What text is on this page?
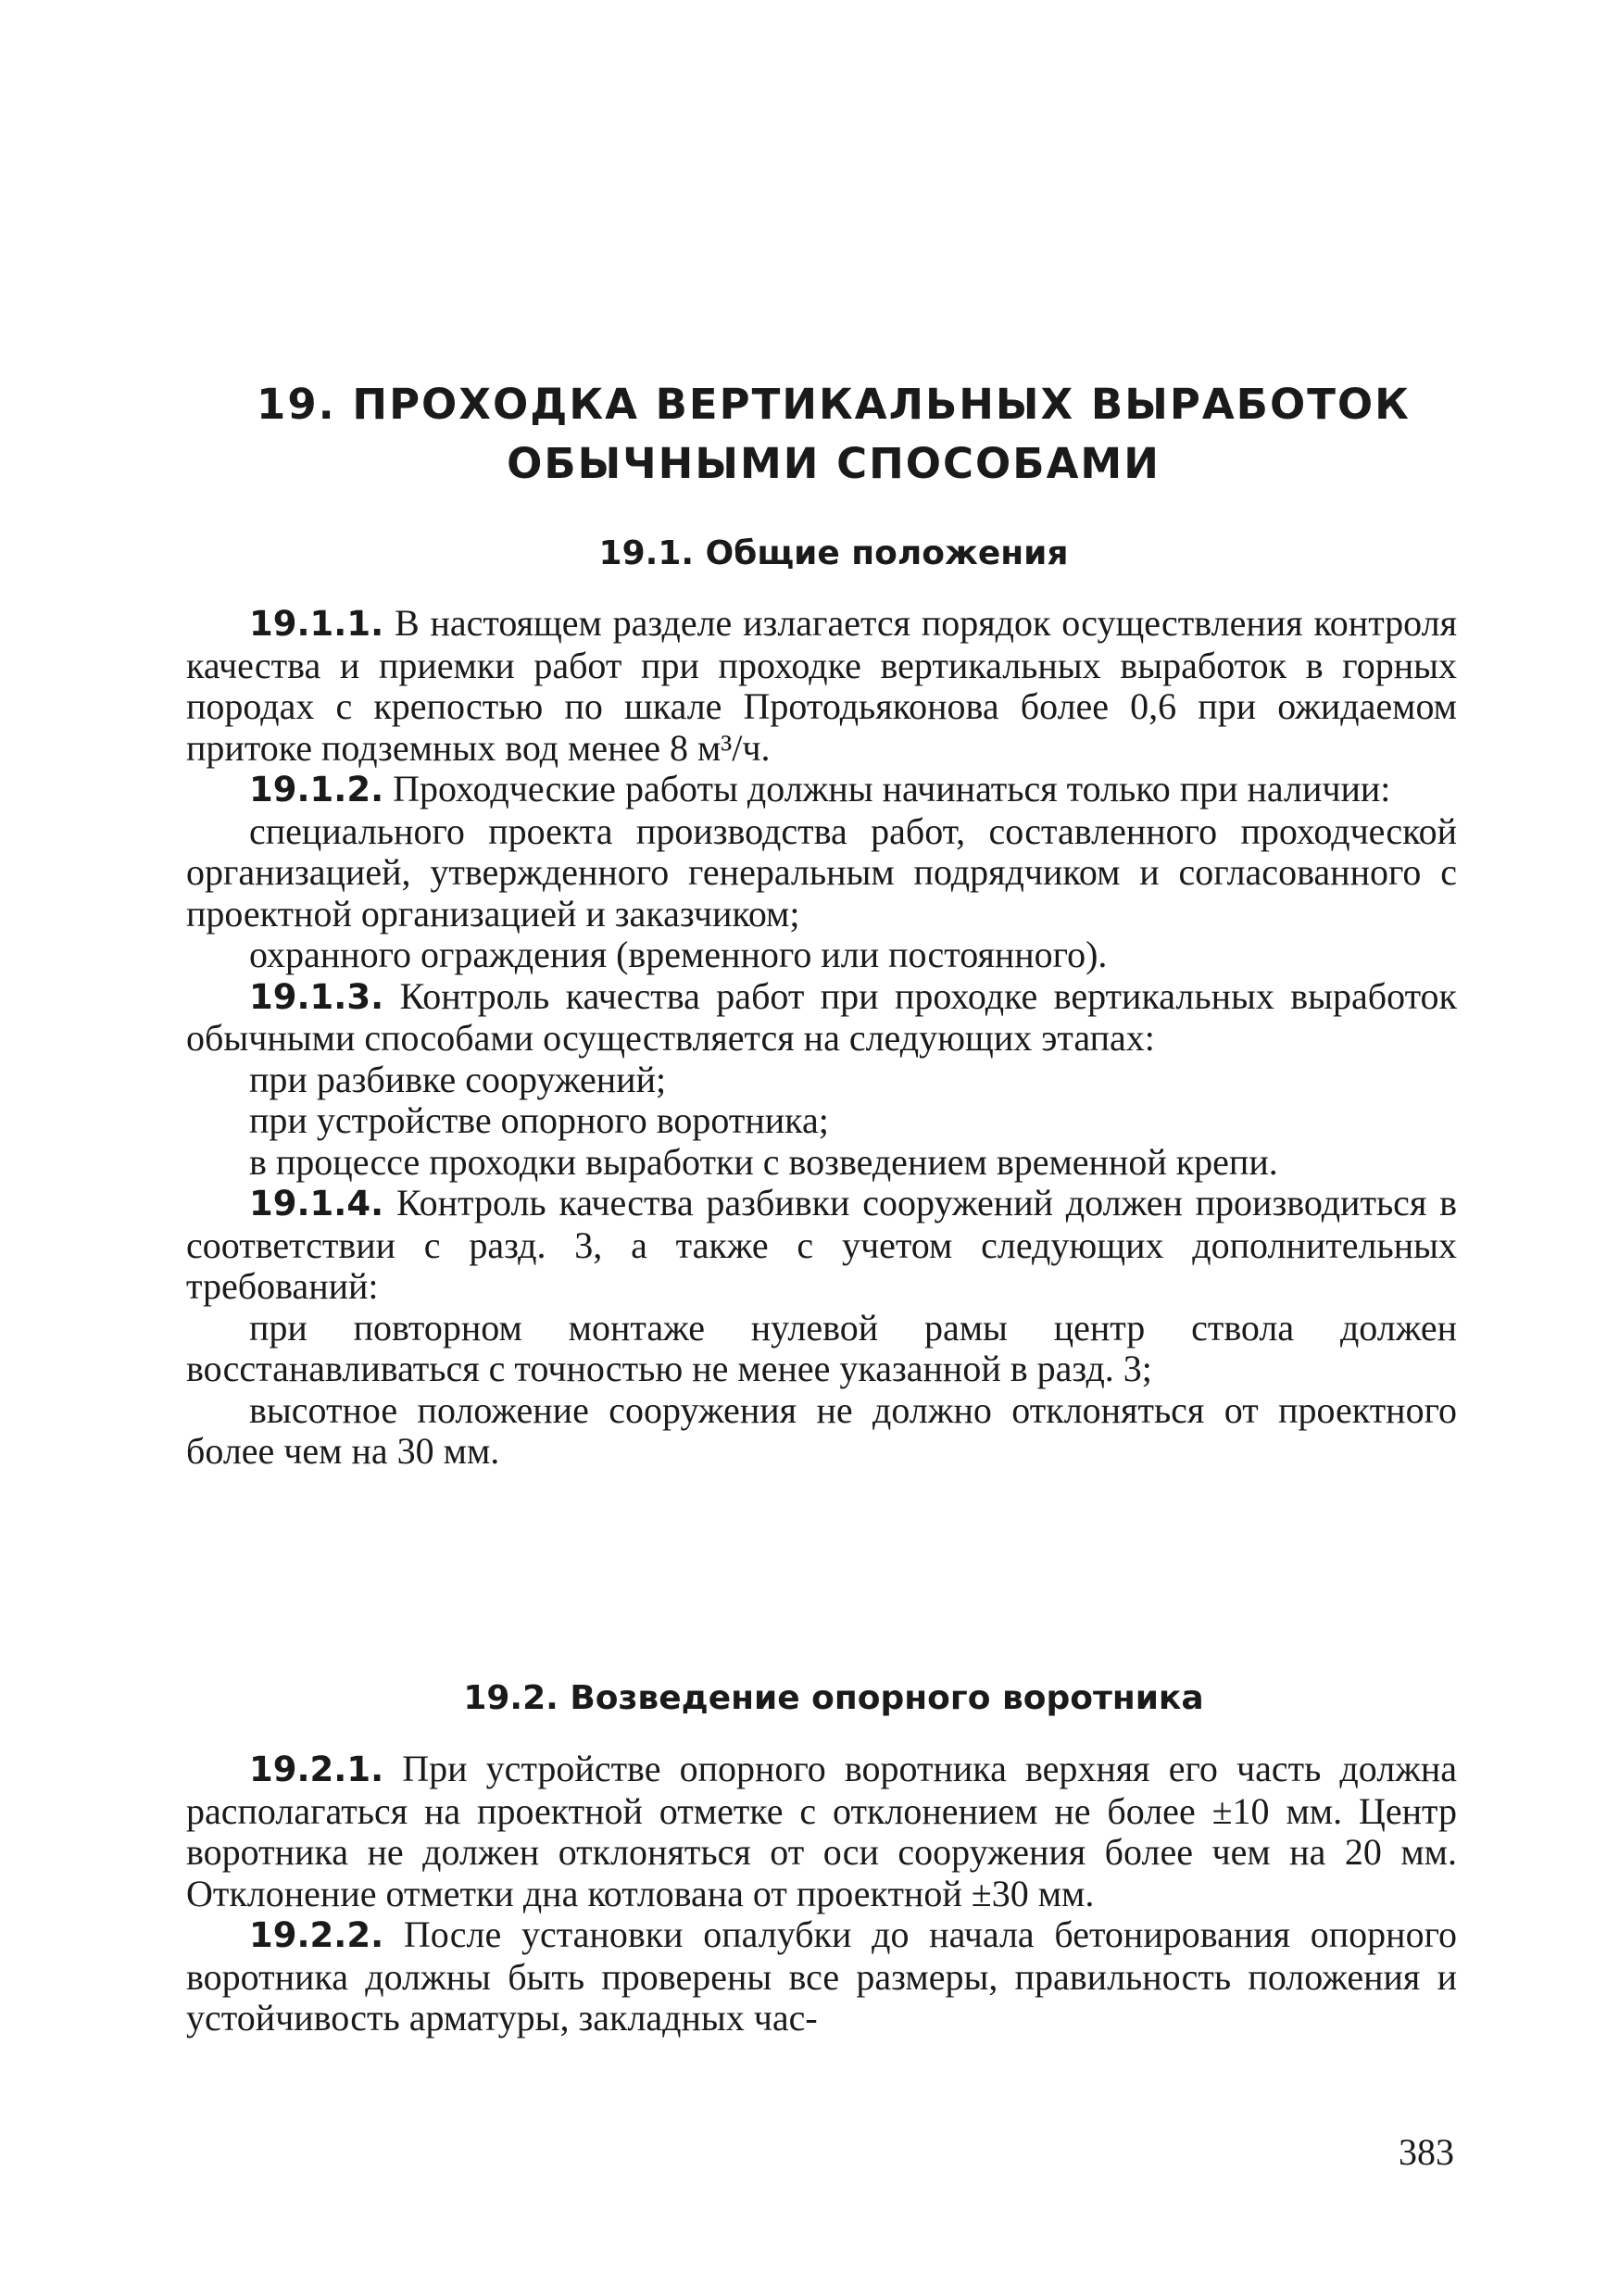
19. ПРОХОДКА ВЕРТИКАЛЬНЫХ ВЫРАБОТОК
ОБЫЧНЫМИ СПОСОБАМИ
19.1. Общие положения

19.1.1. В настоящем разделе излагается порядок осуществления контроля качества и приемки работ при проходке вертикальных выработок в горных породах с крепостью по шкале Протодьяконова более 0,6 при ожидаемом притоке подземных вод менее 8 м³/ч.

19.1.2. Проходческие работы должны начинаться только при наличии:

специального проекта производства работ, составленного проходческой организацией, утвержденного генеральным подрядчиком и согласованного с проектной организацией и заказчиком;

охранного ограждения (временного или постоянного).

19.1.3. Контроль качества работ при проходке вертикальных выработок обычными способами осуществляется на следующих этапах:

при разбивке сооружений;

при устройстве опорного воротника;

в процессе проходки выработки с возведением временной крепи.

19.1.4. Контроль качества разбивки сооружений должен производиться в соответствии с разд. 3, а также с учетом следующих дополнительных требований:

при повторном монтаже нулевой рамы центр ствола должен восстанавливаться с точностью не менее указанной в разд. 3;

высотное положение сооружения не должно отклоняться от проектного более чем на 30 мм.

19.2. Возведение опорного воротника

19.2.1. При устройстве опорного воротника верхняя его часть должна располагаться на проектной отметке с отклонением не более ±10 мм. Центр воротника не должен отклоняться от оси сооружения более чем на 20 мм. Отклонение отметки дна котлована от проектной ±30 мм.

19.2.2. После установки опалубки до начала бетонирования опорного воротника должны быть проверены все размеры, правильность положения и устойчивость арматуры, закладных час-

383
